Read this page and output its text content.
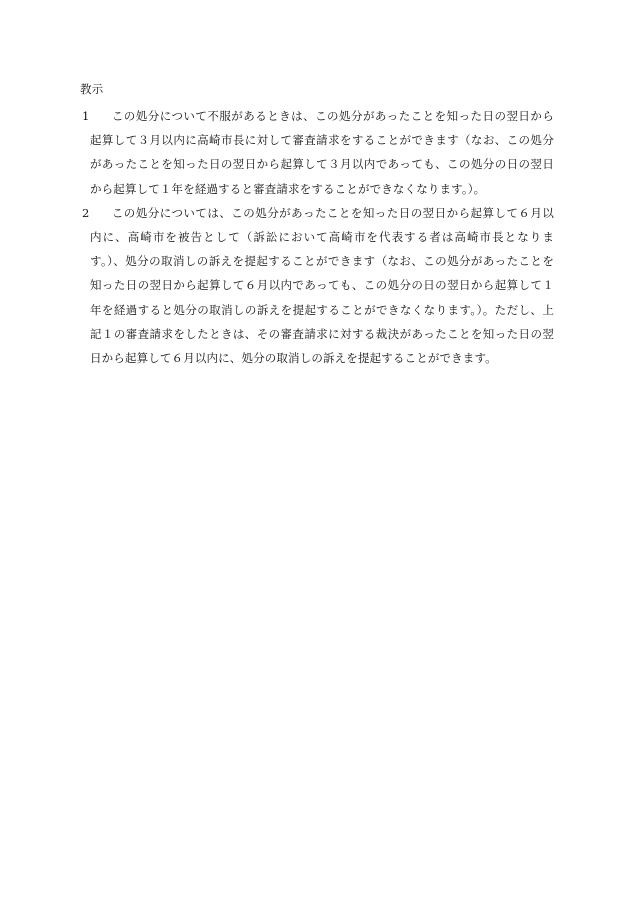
教示
1	この処分について不服があるときは、この処分があったことを知った日の翌日から起算して３月以内に高崎市長に対して審査請求をすることができます（なお、この処分があったことを知った日の翌日から起算して３月以内であっても、この処分の日の翌日から起算して１年を経過すると審査請求をすることができなくなります。）。
2	この処分については、この処分があったことを知った日の翌日から起算して６月以内に、高崎市を被告として（訴訟において高崎市を代表する者は高崎市長となります。）、処分の取消しの訴えを提起することができます（なお、この処分があったことを知った日の翌日から起算して６月以内であっても、この処分の日の翌日から起算して１年を経過すると処分の取消しの訴えを提起することができなくなります。）。ただし、上記１の審査請求をしたときは、その審査請求に対する裁決があったことを知った日の翌日から起算して６月以内に、処分の取消しの訴えを提起することができます。
